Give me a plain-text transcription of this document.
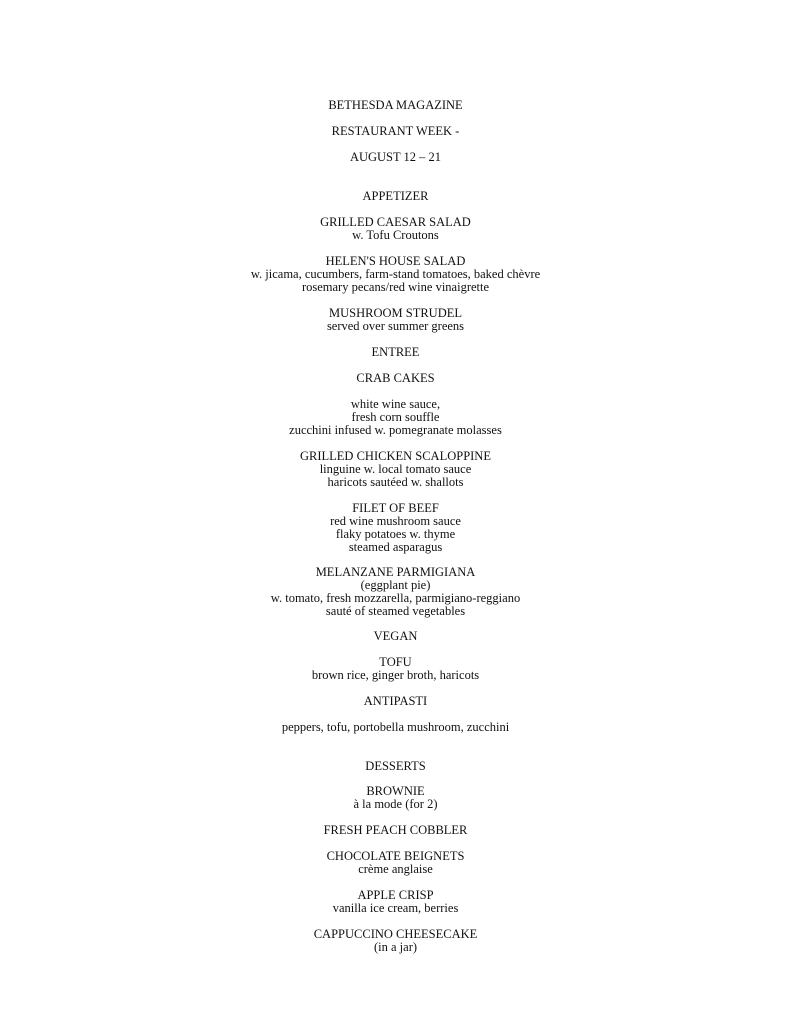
BETHESDA MAGAZINE
RESTAURANT WEEK -
AUGUST 12 – 21
APPETIZER
GRILLED CAESAR SALAD
w. Tofu Croutons
HELEN'S HOUSE SALAD
w. jicama, cucumbers, farm-stand tomatoes, baked chèvre
rosemary pecans/red wine vinaigrette
MUSHROOM STRUDEL
served over summer greens
ENTREE
CRAB CAKES
white wine sauce,
fresh corn souffle
zucchini infused w. pomegranate molasses
GRILLED CHICKEN SCALOPPINE
linguine w. local tomato sauce
haricots sautéed w. shallots
FILET OF BEEF
red wine mushroom sauce
flaky potatoes w. thyme
steamed asparagus
MELANZANE PARMIGIANA
(eggplant pie)
w. tomato, fresh mozzarella, parmigiano-reggiano
sauté of steamed vegetables
VEGAN
TOFU
brown rice, ginger broth, haricots
ANTIPASTI
peppers, tofu, portobella mushroom, zucchini
DESSERTS
BROWNIE
à la mode (for 2)
FRESH PEACH COBBLER
CHOCOLATE BEIGNETS
crème anglaise
APPLE CRISP
vanilla ice cream, berries
CAPPUCCINO CHEESECAKE
(in a jar)
